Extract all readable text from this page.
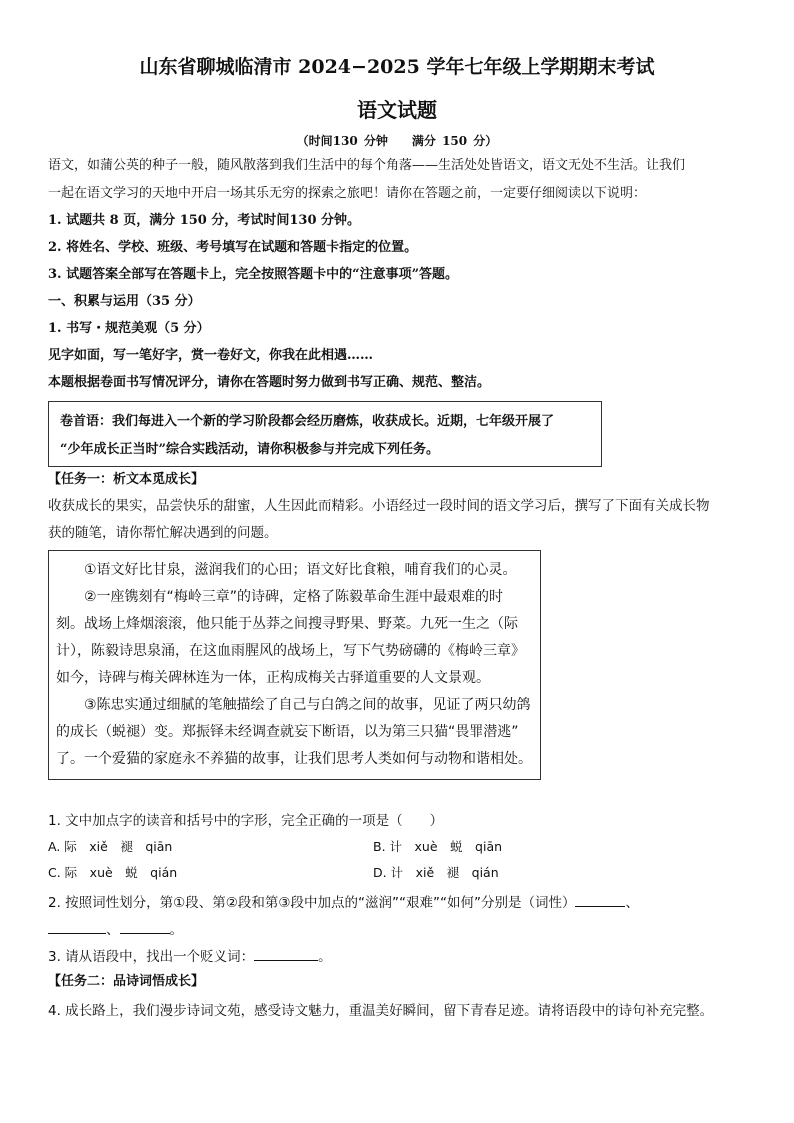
山东省聊城临清市 2024−2025 学年七年级上学期期末考试
语文试题
（时间130 分钟　　满分 150 分）
语文，如蒲公英的种子一般，随风散落到我们生活中的每个角落——生活处处皆语文，语文无处不生活。让我们
一起在语文学习的天地中开启一场其乐无穷的探索之旅吧！请你在答题之前，一定要仔细阅读以下说明：
1. 试题共 8 页，满分 150 分，考试时间130 分钟。
2. 将姓名、学校、班级、考号填写在试题和答题卡指定的位置。
3. 试题答案全部写在答题卡上，完全按照答题卡中的“注意事项”答题。
一、积累与运用（35 分）
1. 书写・规范美观（5 分）
见字如面，写一笔好字，赏一卷好文，你我在此相遇……
本题根据卷面书写情况评分，请你在答题时努力做到书写正确、规范、整洁。
卷首语：我们每进入一个新的学习阶段都会经历磨炼，收获成长。近期，七年级开展了
“少年成长正当时”综合实践活动，请你积极参与并完成下列任务。
【任务一：析文本觅成长】
收获成长的果实，品尝快乐的甜蜜，人生因此而精彩。小语经过一段时间的语文学习后，撰写了下面有关成长物
获的随笔，请你帮忙解决遇到的问题。
　　①语文好比甘泉，滋润我们的心田；语文好比食粮，哺育我们的心灵。
　　②一座镌刻有“梅岭三章”的诗碑，定格了陈毅革命生涯中最艰难的时
刻。战场上烽烟滚滚，他只能于丛莽之间搜寻野果、野菜。九死一生之（际
计），陈毅诗思泉涌，在这血雨腥风的战场上，写下气势磅礴的《梅岭三章》
如今，诗碑与梅关碑林连为一体，正构成梅关古驿道重要的人文景观。
　　③陈忠实通过细腻的笔触描绘了自己与白鸽之间的故事，见证了两只幼鸽
的成长（蜕褪）变。郑振铎未经调查就妄下断语，以为第三只猫“畏罪潜逃”
了。一个爱猫的家庭永不养猫的故事，让我们思考人类如何与动物和谐相处。
1. 文中加点字的读音和括号中的字形，完全正确的一项是（　　）
A. 际　xiě　褪　qiān	B. 计　xuè　蜕　qiān
C. 际　xuè　蜕　qián	D. 计　xiě　褪　qián
2. 按照词性划分，第①段、第②段和第③段中加点的“滋润”“艰难”“如何”分别是（词性）	、
、	。
3. 请从语段中，找出一个贬义词：	。
【任务二：品诗词悟成长】
4. 成长路上，我们漫步诗词文苑，感受诗文魅力，重温美好瞬间，留下青春足迹。请将语段中的诗句补充完整。
